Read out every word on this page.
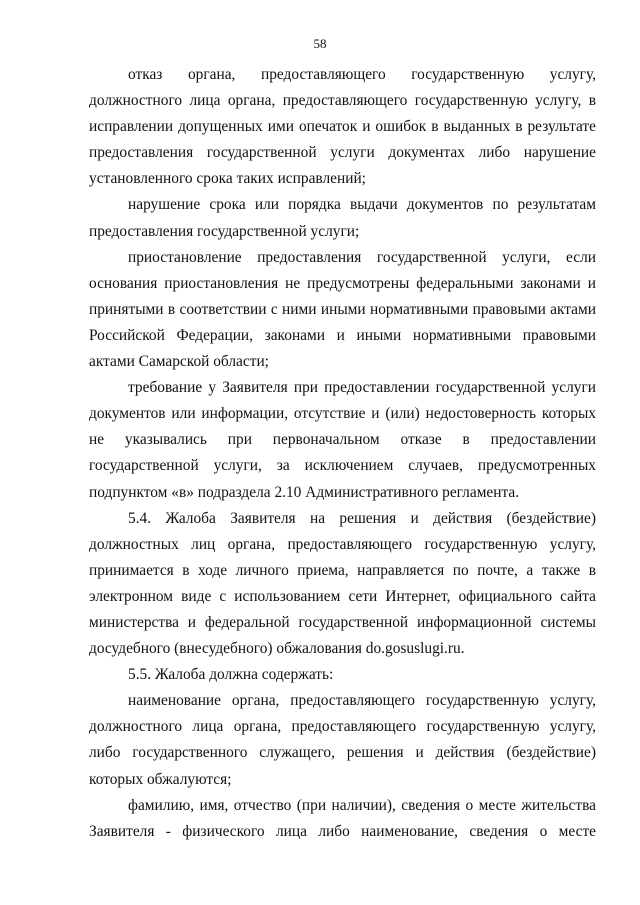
58

отказ органа, предоставляющего государственную услугу, должностного лица органа, предоставляющего государственную услугу, в исправлении допущенных ими опечаток и ошибок в выданных в результате предоставления государственной услуги документах либо нарушение установленного срока таких исправлений;

нарушение срока или порядка выдачи документов по результатам предоставления государственной услуги;

приостановление предоставления государственной услуги, если основания приостановления не предусмотрены федеральными законами и принятыми в соответствии с ними иными нормативными правовыми актами Российской Федерации, законами и иными нормативными правовыми актами Самарской области;

требование у Заявителя при предоставлении государственной услуги документов или информации, отсутствие и (или) недостоверность которых не указывались при первоначальном отказе в предоставлении государственной услуги, за исключением случаев, предусмотренных подпунктом «в» подраздела 2.10 Административного регламента.

5.4. Жалоба Заявителя на решения и действия (бездействие) должностных лиц органа, предоставляющего государственную услугу, принимается в ходе личного приема, направляется по почте, а также в электронном виде с использованием сети Интернет, официального сайта министерства и федеральной государственной информационной системы досудебного (внесудебного) обжалования do.gosuslugi.ru.

5.5. Жалоба должна содержать:

наименование органа, предоставляющего государственную услугу, должностного лица органа, предоставляющего государственную услугу, либо государственного служащего, решения и действия (бездействие) которых обжалуются;

фамилию, имя, отчество (при наличии), сведения о месте жительства Заявителя - физического лица либо наименование, сведения о месте
